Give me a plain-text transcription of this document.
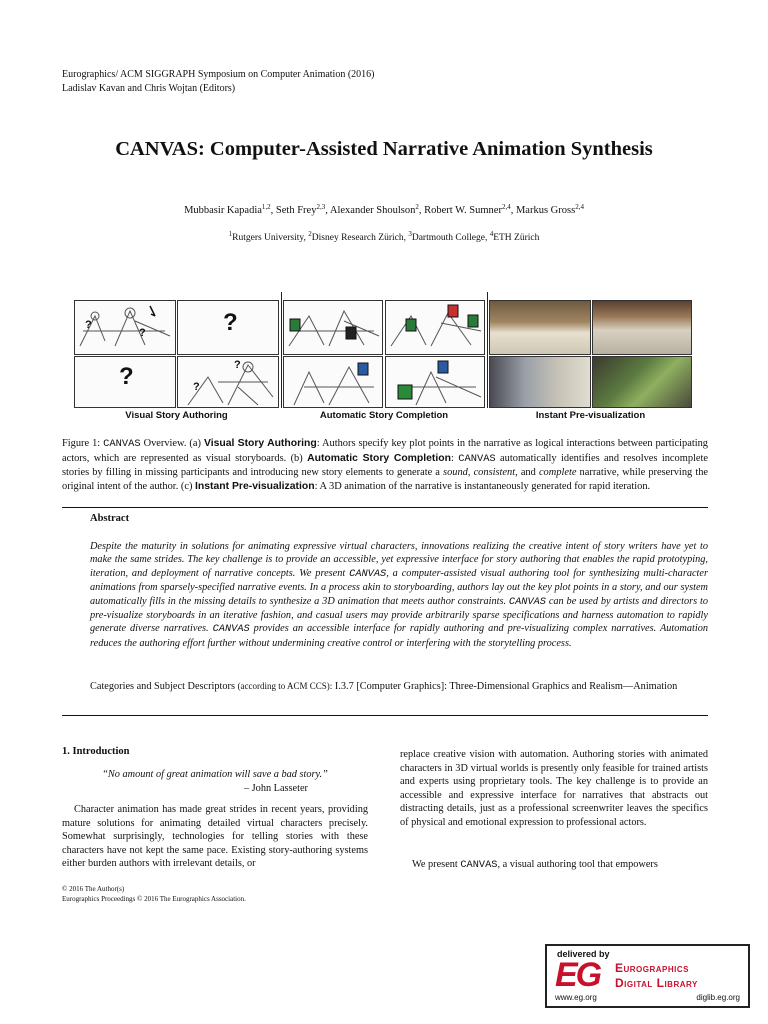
Eurographics/ ACM SIGGRAPH Symposium on Computer Animation (2016)
Ladislav Kavan and Chris Wojtan (Editors)
CANVAS: Computer-Assisted Narrative Animation Synthesis
Mubbasir Kapadia$^{1,2}$, Seth Frey$^{2,3}$, Alexander Shoulson$^2$, Robert W. Sumner$^{2,4}$, Markus Gross$^{2,4}$
$^1$Rutgers University, $^2$Disney Research Zürich, $^3$Dartmouth College, $^4$ETH Zürich
?
?	?
?	?
?
Visual Story Authoring	Automatic Story Completion	Instant Pre-visualization
Figure 1: CANVAS Overview. (a) Visual Story Authoring: Authors specify key plot points in the narrative as logical interactions between participating actors, which are represented as visual storyboards. (b) Automatic Story Completion: CANVAS automatically identifies and resolves incomplete stories by filling in missing participants and introducing new story elements to generate a sound, consistent, and complete narrative, while preserving the original intent of the author. (c) Instant Pre-visualization: A 3D animation of the narrative is instantaneously generated for rapid iteration.
Abstract
Despite the maturity in solutions for animating expressive virtual characters, innovations realizing the creative intent of story writers have yet to make the same strides. The key challenge is to provide an accessible, yet expressive interface for story authoring that enables the rapid prototyping, iteration, and deployment of narrative concepts. We present CANVAS, a computer-assisted visual authoring tool for synthesizing multi-character animations from sparsely-specified narrative events. In a process akin to storyboarding, authors lay out the key plot points in a story, and our system automatically fills in the missing details to synthesize a 3D animation that meets author constraints. CANVAS can be used by artists and directors to pre-visualize storyboards in an iterative fashion, and casual users may provide arbitrarily sparse specifications and harness automation to rapidly generate diverse narratives. CANVAS provides an accessible interface for rapidly authoring and pre-visualizing complex narratives. Automation reduces the authoring effort further without undermining creative control or interfering with the storytelling process.
Categories and Subject Descriptors (according to ACM CCS): I.3.7 [Computer Graphics]: Three-Dimensional Graphics and Realism—Animation
1. Introduction
“No amount of great animation will save a bad story.”
– John Lasseter
Character animation has made great strides in recent years, providing mature solutions for animating detailed virtual characters precisely. Somewhat surprisingly, technologies for telling stories with these characters have not kept the same pace. Existing story-authoring systems either burden authors with irrelevant details, or
replace creative vision with automation. Authoring stories with animated characters in 3D virtual worlds is presently only feasible for trained artists and experts using proprietary tools. The key challenge is to provide an accessible and expressive interface for narratives that abstracts out distracting details, just as a professional screenwriter leaves the specifics of physical and emotional expression to professional actors.
We present CANVAS, a visual authoring tool that empowers
© 2016 The Author(s)
Eurographics Proceedings © 2016 The Eurographics Association.
delivered by
EG Eurographics
Digital Library
www.eg.org	diglib.eg.org
